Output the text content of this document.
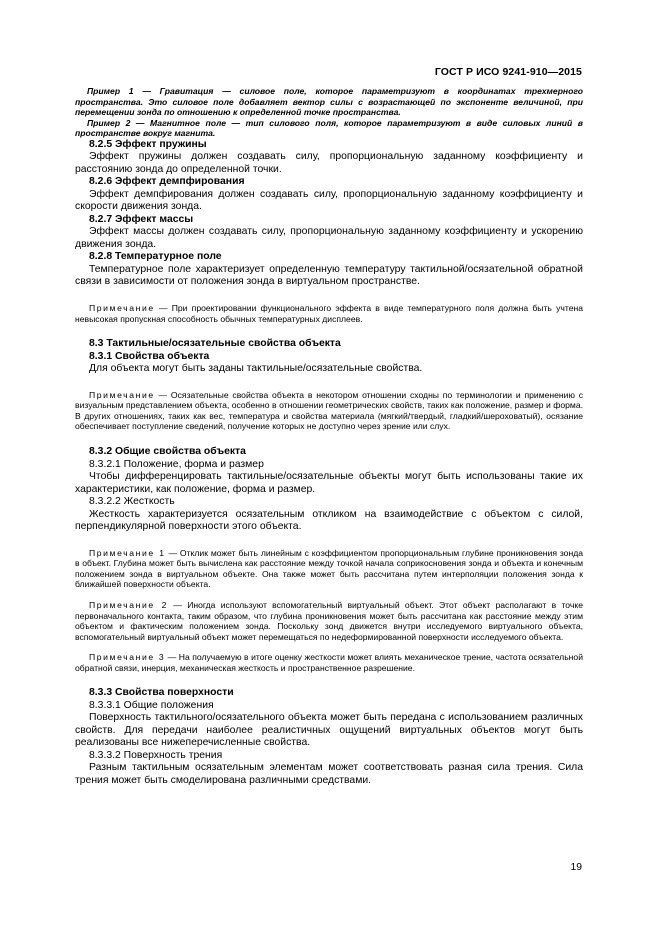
ГОСТ Р ИСО 9241-910—2015

Пример 1 — Гравитация — силовое поле, которое параметризуют в координатах трехмерного пространства. Это силовое поле добавляет вектор силы с возрастающей по экспоненте величиной, при перемещении зонда по отношению к определенной точке пространства.

Пример 2 — Магнитное поле — тип силового поля, которое параметризуют в виде силовых линий в пространстве вокруг магнита.

8.2.5 Эффект пружины

Эффект пружины должен создавать силу, пропорциональную заданному коэффициенту и расстоянию зонда до определенной точки.

8.2.6 Эффект демпфирования

Эффект демпфирования должен создавать силу, пропорциональную заданному коэффициенту и скорости движения зонда.

8.2.7 Эффект массы

Эффект массы должен создавать силу, пропорциональную заданному коэффициенту и ускорению движения зонда.

8.2.8 Температурное поле

Температурное поле характеризует определенную температуру тактильной/осязательной обратной связи в зависимости от положения зонда в виртуальном пространстве.

Примечание — При проектировании функционального эффекта в виде температурного поля должна быть учтена невысокая пропускная способность обычных температурных дисплеев.

8.3 Тактильные/осязательные свойства объекта

8.3.1 Свойства объекта

Для объекта могут быть заданы тактильные/осязательные свойства.

Примечание — Осязательные свойства объекта в некотором отношении сходны по терминологии и применению с визуальным представлением объекта, особенно в отношении геометрических свойств, таких как положение, размер и форма. В других отношениях, таких как вес, температура и свойства материала (мягкий/твердый, гладкий/шероховатый), осязание обеспечивает поступление сведений, получение которых не доступно через зрение или слух.

8.3.2 Общие свойства объекта

8.3.2.1 Положение, форма и размер

Чтобы дифференцировать тактильные/осязательные объекты могут быть использованы такие их характеристики, как положение, форма и размер.

8.3.2.2 Жесткость

Жесткость характеризуется осязательным откликом на взаимодействие с объектом с силой, перпендикулярной поверхности этого объекта.

Примечание 1 — Отклик может быть линейным с коэффициентом пропорциональным глубине проникновения зонда в объект. Глубина может быть вычислена как расстояние между точкой начала соприкосновения зонда и объекта и конечным положением зонда в виртуальном объекте. Она также может быть рассчитана путем интерполяции положения зонда к ближайшей поверхности объекта.

Примечание 2 — Иногда используют вспомогательный виртуальный объект. Этот объект располагают в точке первоначального контакта, таким образом, что глубина проникновения может быть рассчитана как расстояние между этим объектом и фактическим положением зонда. Поскольку зонд движется внутри исследуемого виртуального объекта, вспомогательный виртуальный объект может перемещаться по недеформированной поверхности исследуемого объекта.

Примечание 3 — На получаемую в итоге оценку жесткости может влиять механическое трение, частота осязательной обратной связи, инерция, механическая жесткость и пространственное разрешение.

8.3.3 Свойства поверхности

8.3.3.1 Общие положения

Поверхность тактильного/осязательного объекта может быть передана с использованием различных свойств. Для передачи наиболее реалистичных ощущений виртуальных объектов могут быть реализованы все нижеперечисленные свойства.

8.3.3.2 Поверхность трения

Разным тактильным осязательным элементам может соответствовать разная сила трения. Сила трения может быть смоделирована различными средствами.

19
